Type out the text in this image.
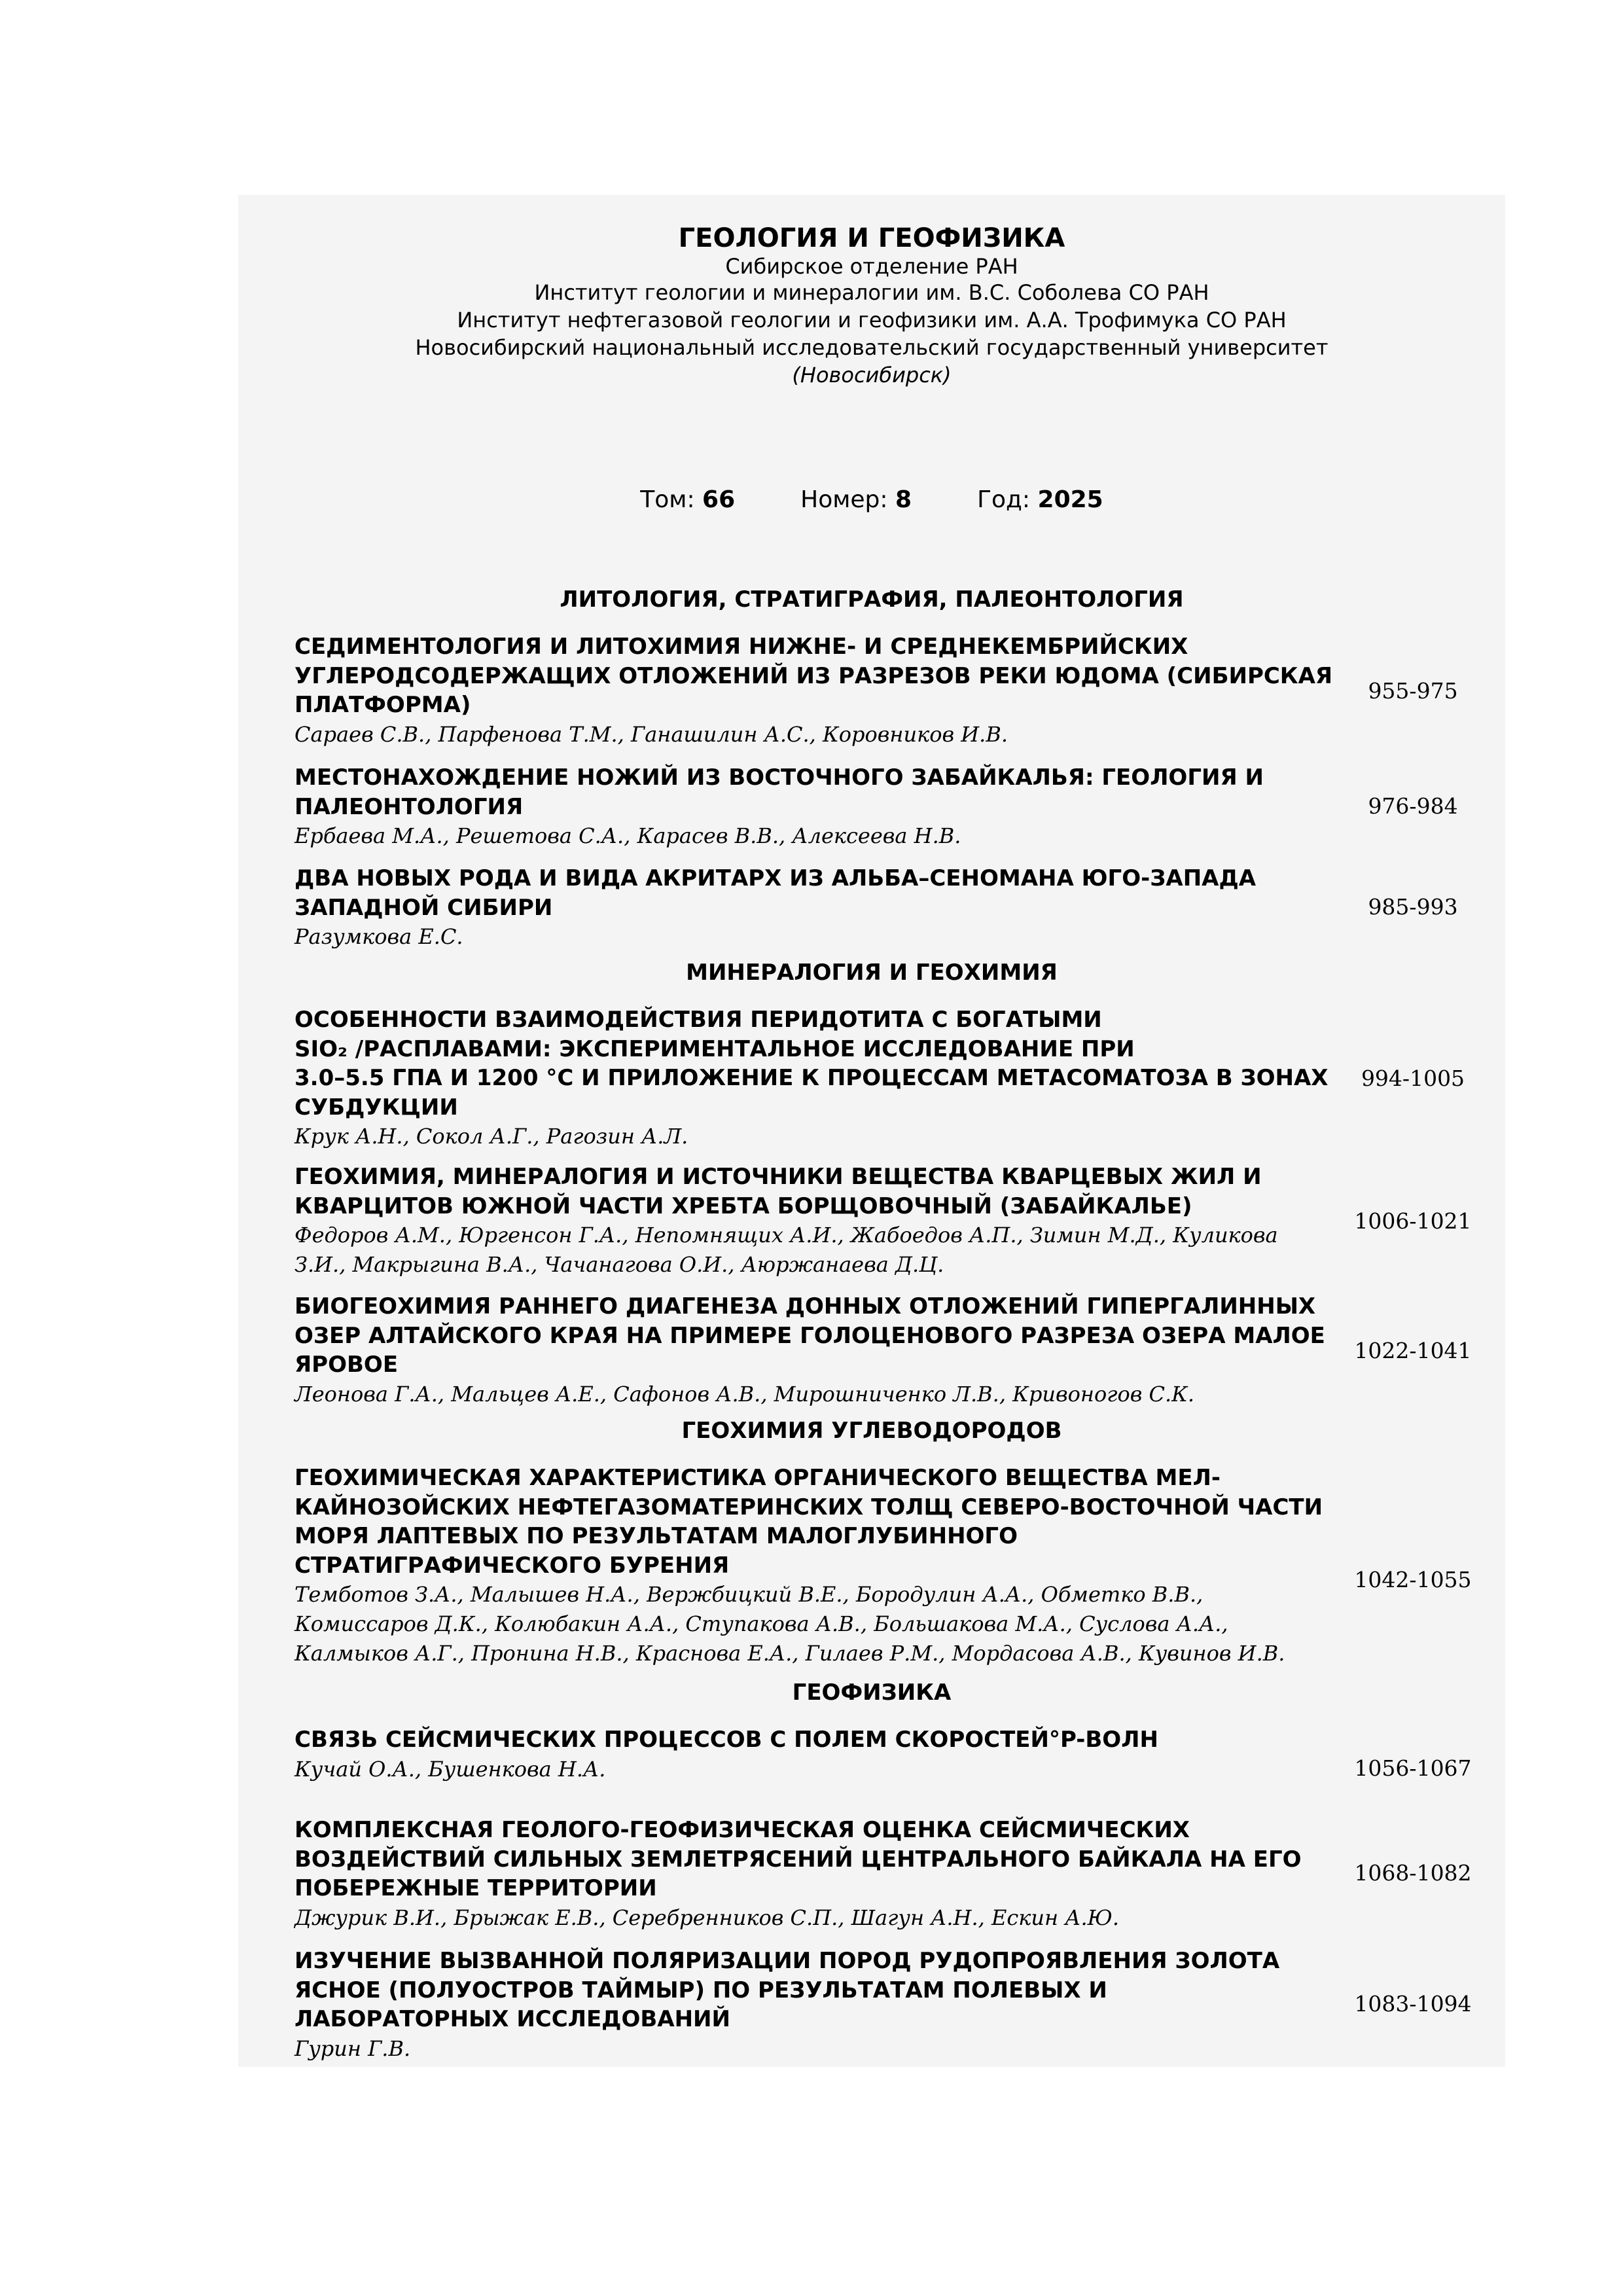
ГЕОЛОГИЯ И ГЕОФИЗИКА
Сибирское отделение РАН
Институт геологии и минералогии им. В.С. Соболева СО РАН
Институт нефтегазовой геологии и геофизики им. А.А. Трофимука СО РАН
Новосибирский национальный исследовательский государственный университет
(Новосибирск)
Том: 66	Номер: 8	Год: 2025
ЛИТОЛОГИЯ, СТРАТИГРАФИЯ, ПАЛЕОНТОЛОГИЯ
СЕДИМЕНТОЛОГИЯ И ЛИТОХИМИЯ НИЖНЕ- И СРЕДНЕКЕМБРИЙСКИХ
УГЛЕРОДСОДЕРЖАЩИХ ОТЛОЖЕНИЙ ИЗ РАЗРЕЗОВ РЕКИ ЮДОМА (СИБИРСКАЯ
ПЛАТФОРМА)
Сараев С.В., Парфенова Т.М., Ганашилин А.С., Коровников И.В.
955-975
МЕСТОНАХОЖДЕНИЕ НОЖИЙ ИЗ ВОСТОЧНОГО ЗАБАЙКАЛЬЯ: ГЕОЛОГИЯ И
ПАЛЕОНТОЛОГИЯ
Ербаева М.А., Решетова С.А., Карасев В.В., Алексеева Н.В.
976-984
ДВА НОВЫХ РОДА И ВИДА АКРИТАРХ ИЗ АЛЬБА–СЕНОМАНА ЮГО-ЗАПАДА
ЗАПАДНОЙ СИБИРИ
Разумкова Е.С.
985-993
МИНЕРАЛОГИЯ И ГЕОХИМИЯ
ОСОБЕННОСТИ ВЗАИМОДЕЙСТВИЯ ПЕРИДОТИТА С БОГАТЫМИ
SIO₂ /РАСПЛАВАМИ: ЭКСПЕРИМЕНТАЛЬНОЕ ИССЛЕДОВАНИЕ ПРИ
3.0–5.5 ГПА И 1200 °C И ПРИЛОЖЕНИЕ К ПРОЦЕССАМ МЕТАСОМАТОЗА В ЗОНАХ
СУБДУКЦИИ
Крук А.Н., Сокол А.Г., Рагозин А.Л.
994-1005
ГЕОХИМИЯ, МИНЕРАЛОГИЯ И ИСТОЧНИКИ ВЕЩЕСТВА КВАРЦЕВЫХ ЖИЛ И
КВАРЦИТОВ ЮЖНОЙ ЧАСТИ ХРЕБТА БОРЩОВОЧНЫЙ (ЗАБАЙКАЛЬЕ)
Федоров А.М., Юргенсон Г.А., Непомнящих А.И., Жабоедов А.П., Зимин М.Д., Куликова
З.И., Макрыгина В.А., Чачанагова О.И., Аюржанаева Д.Ц.
1006-1021
БИОГЕОХИМИЯ РАННЕГО ДИАГЕНЕЗА ДОННЫХ ОТЛОЖЕНИЙ ГИПЕРГАЛИННЫХ
ОЗЕР АЛТАЙСКОГО КРАЯ НА ПРИМЕРЕ ГОЛОЦЕНОВОГО РАЗРЕЗА ОЗЕРА МАЛОЕ
ЯРОВОЕ
Леонова Г.А., Мальцев А.Е., Сафонов А.В., Мирошниченко Л.В., Кривоногов С.К.
1022-1041
ГЕОХИМИЯ УГЛЕВОДОРОДОВ
ГЕОХИМИЧЕСКАЯ ХАРАКТЕРИСТИКА ОРГАНИЧЕСКОГО ВЕЩЕСТВА МЕЛ-
КАЙНОЗОЙСКИХ НЕФТЕГАЗОМАТЕРИНСКИХ ТОЛЩ СЕВЕРО-ВОСТОЧНОЙ ЧАСТИ
МОРЯ ЛАПТЕВЫХ ПО РЕЗУЛЬТАТАМ МАЛОГЛУБИННОГО
СТРАТИГРАФИЧЕСКОГО БУРЕНИЯ
Темботов З.А., Малышев Н.А., Вержбицкий В.Е., Бородулин А.А., Обметко В.В.,
Комиссаров Д.К., Колюбакин А.А., Ступакова А.В., Большакова М.А., Суслова А.А.,
Калмыков А.Г., Пронина Н.В., Краснова Е.А., Гилаев Р.М., Мордасова А.В., Кувинов И.В.
1042-1055
ГЕОФИЗИКА
СВЯЗЬ СЕЙСМИЧЕСКИХ ПРОЦЕССОВ С ПОЛЕМ СКОРОСТЕЙ°P-ВОЛН
Кучай О.А., Бушенкова Н.А.	1056-1067
КОМПЛЕКСНАЯ ГЕОЛОГО-ГЕОФИЗИЧЕСКАЯ ОЦЕНКА СЕЙСМИЧЕСКИХ
ВОЗДЕЙСТВИЙ СИЛЬНЫХ ЗЕМЛЕТРЯСЕНИЙ ЦЕНТРАЛЬНОГО БАЙКАЛА НА ЕГО
ПОБЕРЕЖНЫЕ ТЕРРИТОРИИ
Джурик В.И., Брыжак Е.В., Серебренников С.П., Шагун А.Н., Ескин А.Ю.
1068-1082
ИЗУЧЕНИЕ ВЫЗВАННОЙ ПОЛЯРИЗАЦИИ ПОРОД РУДОПРОЯВЛЕНИЯ ЗОЛОТА
ЯСНОЕ (ПОЛУОСТРОВ ТАЙМЫР) ПО РЕЗУЛЬТАТАМ ПОЛЕВЫХ И
ЛАБОРАТОРНЫХ ИССЛЕДОВАНИЙ
Гурин Г.В.
1083-1094
